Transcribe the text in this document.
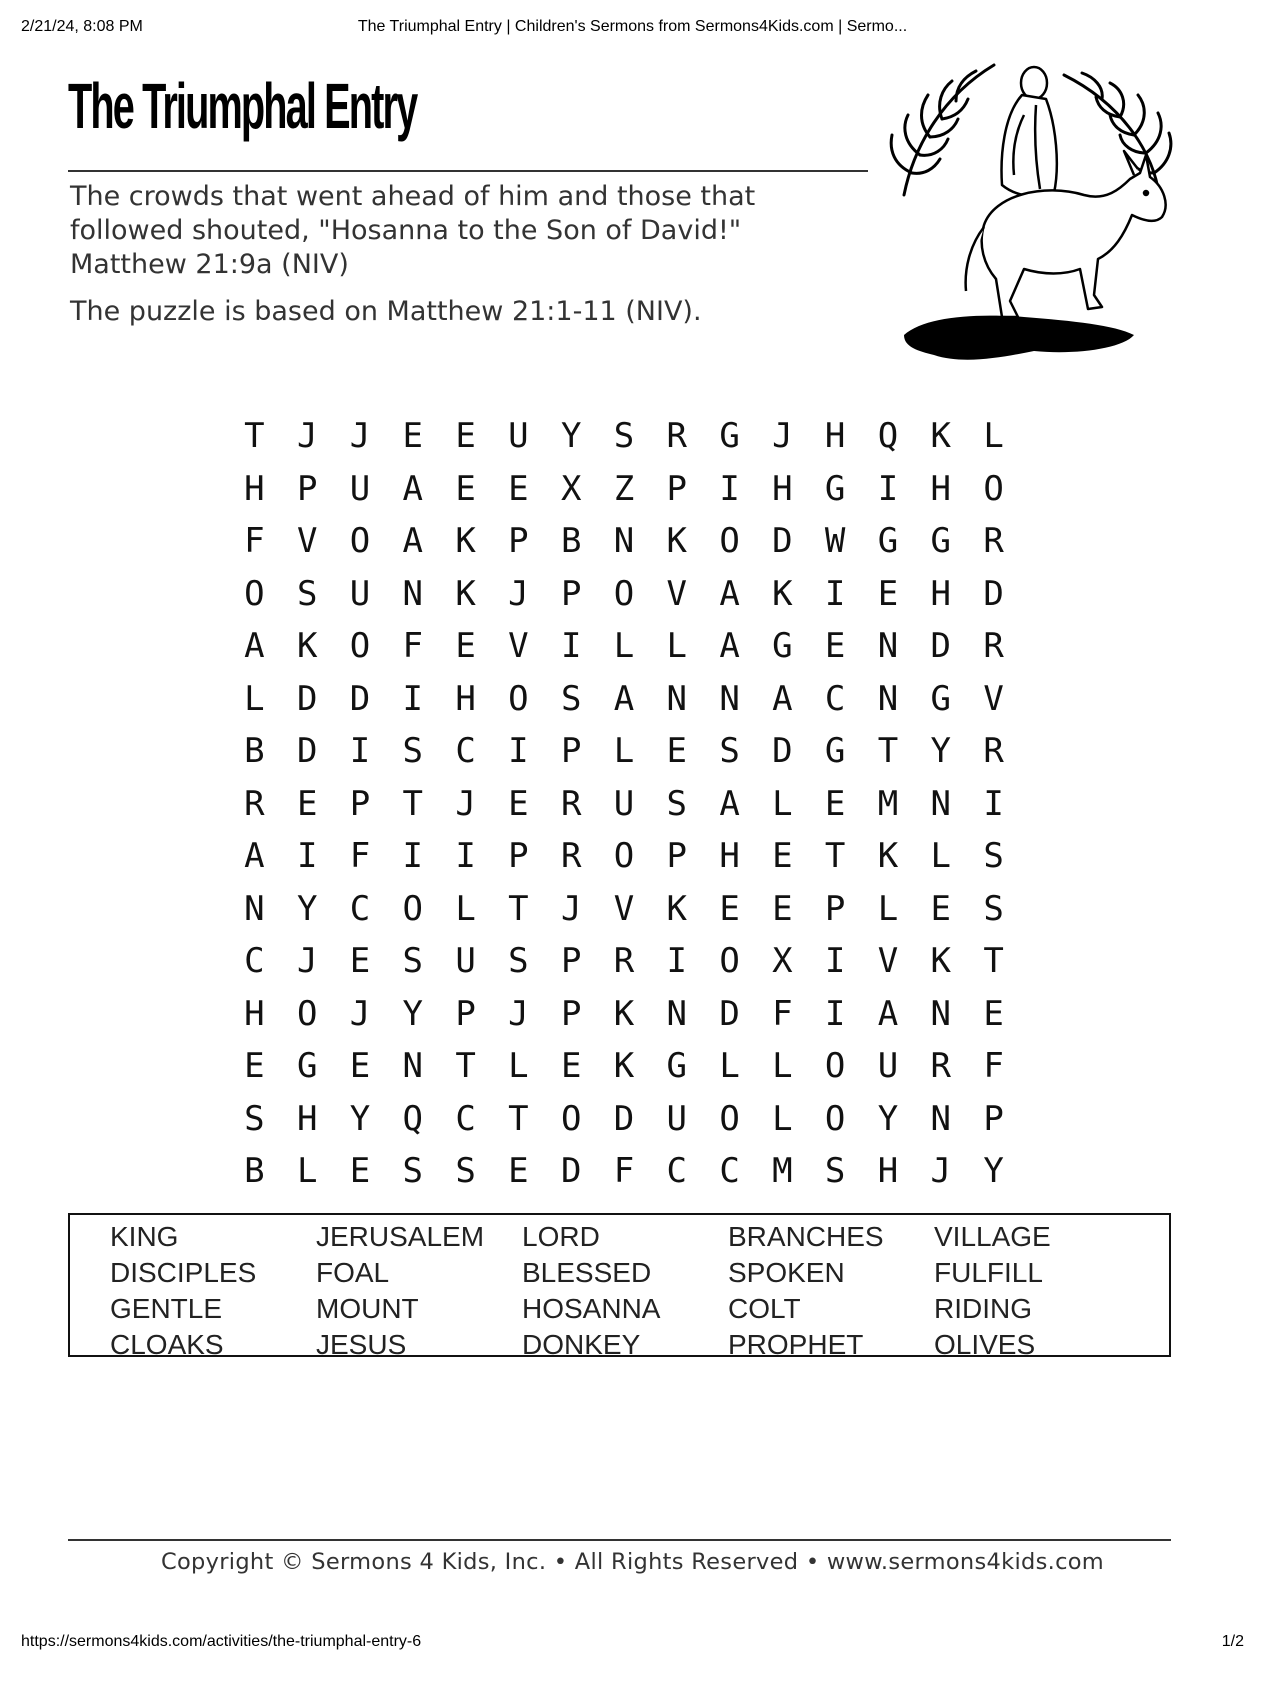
2/21/24, 8:08 PM	The Triumphal Entry | Children's Sermons from Sermons4Kids.com | Sermo...
The Triumphal Entry
The crowds that went ahead of him and those that
followed shouted, "Hosanna to the Son of David!"
Matthew 21:9a (NIV)
The puzzle is based on Matthew 21:1-11 (NIV).
T J J E E U Y S R G J H Q K L
H P U A E E X Z P I H G I H O
F V O A K P B N K O D W G G R
O S U N K J P O V A K I E H D
A K O F E V I L L A G E N D R
L D D I H O S A N N A C N G V
B D I S C I P L E S D G T Y R
R E P T J E R U S A L E M N I
A I F I I P R O P H E T K L S
N Y C O L T J V K E E P L E S
C J E S U S P R I O X I V K T
H O J Y P J P K N D F I A N E
E G E N T L E K G L L O U R F
S H Y Q C T O D U O L O Y N P
B L E S S E D F C C M S H J Y
KING
DISCIPLES
GENTLE
CLOAKS
JERUSALEM
FOAL
MOUNT
JESUS
LORD
BLESSED
HOSANNA
DONKEY
BRANCHES
SPOKEN
COLT
PROPHET
VILLAGE
FULFILL
RIDING
OLIVES
Copyright © Sermons 4 Kids, Inc. • All Rights Reserved • www.sermons4kids.com
https://sermons4kids.com/activities/the-triumphal-entry-6	1/2
